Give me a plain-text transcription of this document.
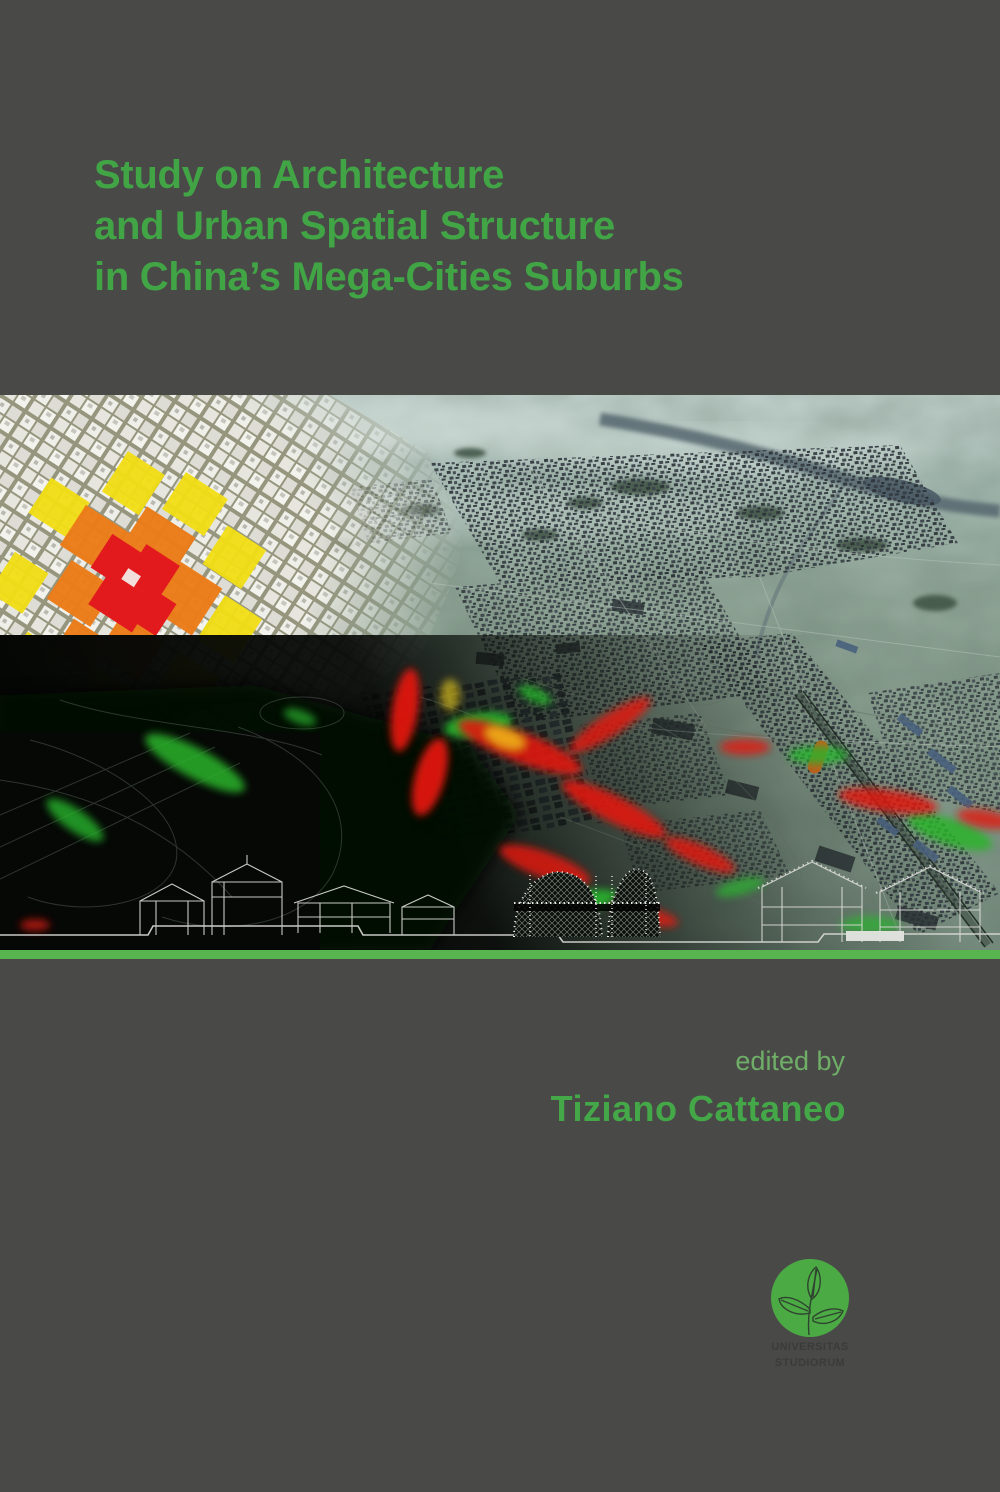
Study on Architecture
and Urban Spatial Structure
in China’s Mega-Cities Suburbs
edited by
Tiziano Cattaneo
UNIVERSITAS
STUDIORUM
